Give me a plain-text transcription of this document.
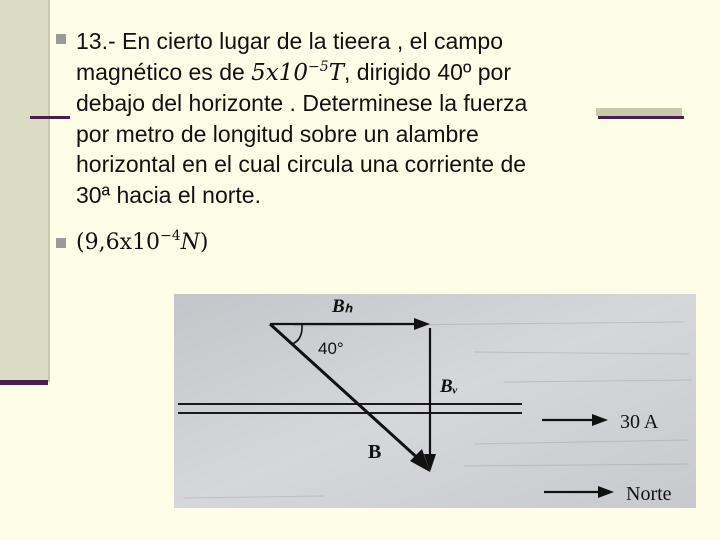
13.- En cierto lugar de la tieera , el campo
magnético es de $5x10^{-5}T$, dirigido 40º por
debajo del horizonte . Determinese la fuerza
por metro de longitud sobre un alambre
horizontal en el cual circula una corriente de
30ª hacia el norte.
$(9,6x10^{-4}N)$
30 A
Norte
Bₕ
Bᵥ
B
40°
